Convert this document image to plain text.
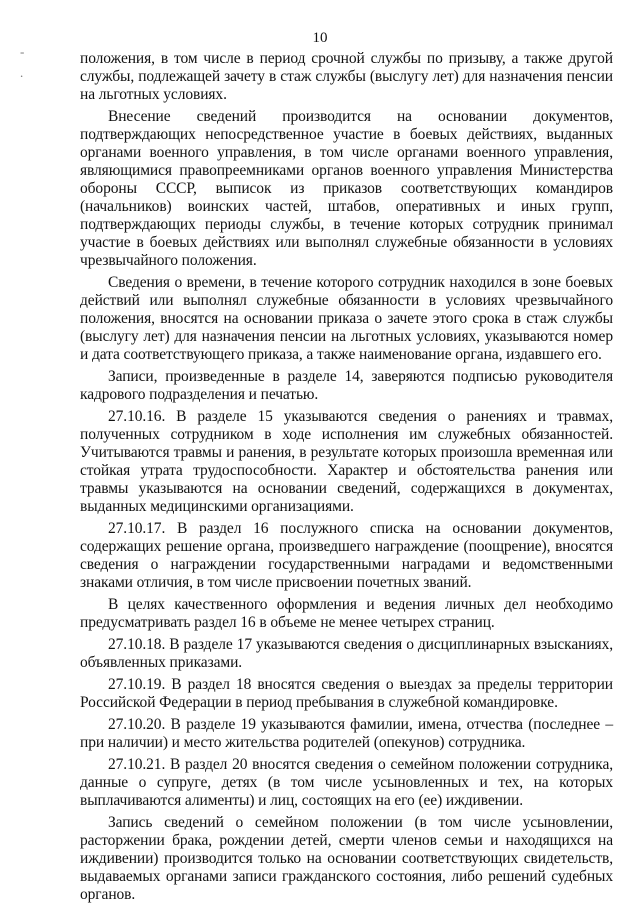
10
-
.

положения, в том числе в период срочной службы по призыву, а также другой службы, подлежащей зачету в стаж службы (выслугу лет) для назначения пенсии на льготных условиях.

Внесение сведений производится на основании документов, подтверждающих непосредственное участие в боевых действиях, выданных органами военного управления, в том числе органами военного управления, являющимися правопреемниками органов военного управления Министерства обороны СССР, выписок из приказов соответствующих командиров (начальников) воинских частей, штабов, оперативных и иных групп, подтверждающих периоды службы, в течение которых сотрудник принимал участие в боевых действиях или выполнял служебные обязанности в условиях чрезвычайного положения.

Сведения о времени, в течение которого сотрудник находился в зоне боевых действий или выполнял служебные обязанности в условиях чрезвычайного положения, вносятся на основании приказа о зачете этого срока в стаж службы (выслугу лет) для назначения пенсии на льготных условиях, указываются номер и дата соответствующего приказа, а также наименование органа, издавшего его.

Записи, произведенные в разделе 14, заверяются подписью руководителя кадрового подразделения и печатью.

27.10.16. В разделе 15 указываются сведения о ранениях и травмах, полученных сотрудником в ходе исполнения им служебных обязанностей. Учитываются травмы и ранения, в результате которых произошла временная или стойкая утрата трудоспособности. Характер и обстоятельства ранения или травмы указываются на основании сведений, содержащихся в документах, выданных медицинскими организациями.

27.10.17. В раздел 16 послужного списка на основании документов, содержащих решение органа, произведшего награждение (поощрение), вносятся сведения о награждении государственными наградами и ведомственными знаками отличия, в том числе присвоении почетных званий.

В целях качественного оформления и ведения личных дел необходимо предусматривать раздел 16 в объеме не менее четырех страниц.

27.10.18. В разделе 17 указываются сведения о дисциплинарных взысканиях, объявленных приказами.

27.10.19. В раздел 18 вносятся сведения о выездах за пределы территории Российской Федерации в период пребывания в служебной командировке.

27.10.20. В разделе 19 указываются фамилии, имена, отчества (последнее – при наличии) и место жительства родителей (опекунов) сотрудника.

27.10.21. В раздел 20 вносятся сведения о семейном положении сотрудника, данные о супруге, детях (в том числе усыновленных и тех, на которых выплачиваются алименты) и лиц, состоящих на его (ее) иждивении.

Запись сведений о семейном положении (в том числе усыновлении, расторжении брака, рождении детей, смерти членов семьи и находящихся на иждивении) производится только на основании соответствующих свидетельств, выдаваемых органами записи гражданского состояния, либо решений судебных органов.
